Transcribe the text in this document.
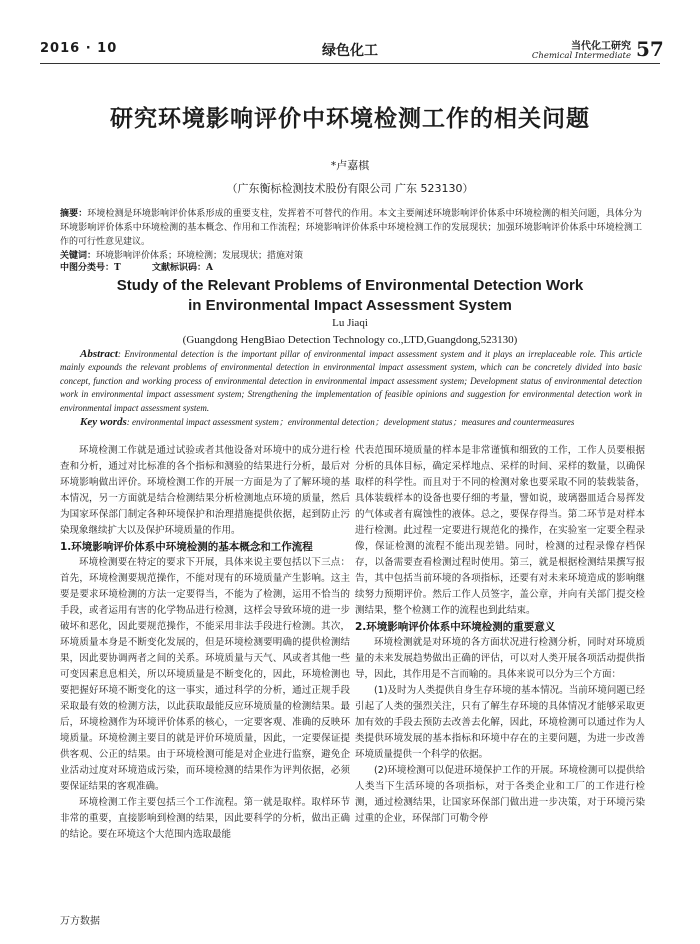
2016 · 10	绿色化工	当代化工研究
Chemical Intermediate 57
研究环境影响评价中环境检测工作的相关问题
*卢嘉棋
（广东衡标检测技术股份有限公司 广东 523130）
摘要：环境检测是环境影响评价体系形成的重要支柱，发挥着不可替代的作用。本文主要阐述环境影响评价体系中环境检测的相关问题，具体分为环境影响评价体系中环境检测的基本概念、作用和工作流程；环境影响评价体系中环境检测工作的发展现状；加强环境影响评价体系中环境检测工作的可行性意见建议。
关键词：环境影响评价体系；环境检测；发展现状；措施对策
中图分类号：T	文献标识码：A
Study of the Relevant Problems of Environmental Detection Work
in Environmental Impact Assessment System
Lu Jiaqi
(Guangdong HengBiao Detection Technology co.,LTD,Guangdong,523130)
Abstract: Environmental detection is the important pillar of environmental impact assessment system and it plays an irreplaceable role. This article mainly expounds the relevant problems of environmental detection in environmental impact assessment system, which can be concretely divided into basic concept, function and working process of environmental detection in environmental impact assessment system; Development status of environmental detection work in environmental impact assessment system; Strengthening the implementation of feasible opinions and suggestion for environmental detection work in environmental impact assessment system.
Key words: environmental impact assessment system；environmental detection；development status；measures and countermeasures

环境检测工作就是通过试验或者其他设备对环境中的成分进行检查和分析，通过对比标准的各个指标和测验的结果进行分析，最后对环境影响做出评价。环境检测工作的开展一方面是为了了解环境的基本情况，另一方面就是结合检测结果分析检测地点环境的质量，然后为国家环保部门制定各种环境保护和治理措施提供依据，起到防止污染现象继续扩大以及保护环境质量的作用。

1.环境影响评价体系中环境检测的基本概念和工作流程

环境检测要在特定的要求下开展，具体来说主要包括以下三点：首先，环境检测要规范操作，不能对现有的环境质量产生影响。这主要是要求环境检测的方法一定要得当，不能为了检测，运用不恰当的手段，或者运用有害的化学物品进行检测，这样会导致环境的进一步破坏和恶化，因此要规范操作，不能采用非法手段进行检测。其次，环境质量本身是不断变化发展的，但是环境检测要明确的提供检测结果，因此要协调两者之间的关系。环境质量与天气、风或者其他一些可变因素息息相关，所以环境质量是不断变化的，因此，环境检测也要把握好环境不断变化的这一事实，通过科学的分析，通过正规手段采取最有效的检测方法，以此获取最能反应环境质量的检测结果。最后，环境检测作为环境评价体系的核心，一定要客观、准确的反映环境质量。环境检测主要目的就是评价环境质量，因此，一定要保证提供客观、公正的结果。由于环境检测可能是对企业进行监察，避免企业活动过度对环境造成污染，而环境检测的结果作为评判依据，必须要保证结果的客观准确。

环境检测工作主要包括三个工作流程。第一就是取样。取样环节非常的重要，直接影响到检测的结果，因此要科学的分析，做出正确的结论。要在环境这个大范围内选取最能

代表范围环境质量的样本是非常谨慎和细致的工作，工作人员要根据分析的具体目标，确定采样地点、采样的时间、采样的数量，以确保取样的科学性。而且对于不同的检测对象也要采取不同的装载装备，具体装载样本的设备也要仔细的考量，譬如说，玻璃器皿适合易挥发的气体或者有腐蚀性的液体。总之，要保存得当。第二环节是对样本进行检测。此过程一定要进行规范化的操作，在实验室一定要全程录像，保证检测的流程不能出现差错。同时，检测的过程录像存档保存，以备需要查看检测过程时使用。第三，就是根据检测结果撰写报告，其中包括当前环境的各项指标，还要有对未来环境造成的影响继续努力预期评价。然后工作人员签字，盖公章，并向有关部门提交检测结果，整个检测工作的流程也到此结束。

2.环境影响评价体系中环境检测的重要意义

环境检测就是对环境的各方面状况进行检测分析，同时对环境质量的未来发展趋势做出正确的评估，可以对人类开展各项活动提供指导，因此，其作用是不言而喻的。具体来说可以分为三个方面：

(1)及时为人类提供自身生存环境的基本情况。当前环境问题已经引起了人类的强烈关注，只有了解生存环境的具体情况才能够采取更加有效的手段去预防去改善去化解，因此，环境检测可以通过作为人类提供环境发展的基本指标和环境中存在的主要问题，为进一步改善环境质量提供一个科学的依据。

(2)环境检测可以促进环境保护工作的开展。环境检测可以提供给人类当下生活环境的各项指标，对于各类企业和工厂的工作进行检测，通过检测结果，让国家环保部门做出进一步决策，对于环境污染过重的企业，环保部门可勒令停

万方数据
